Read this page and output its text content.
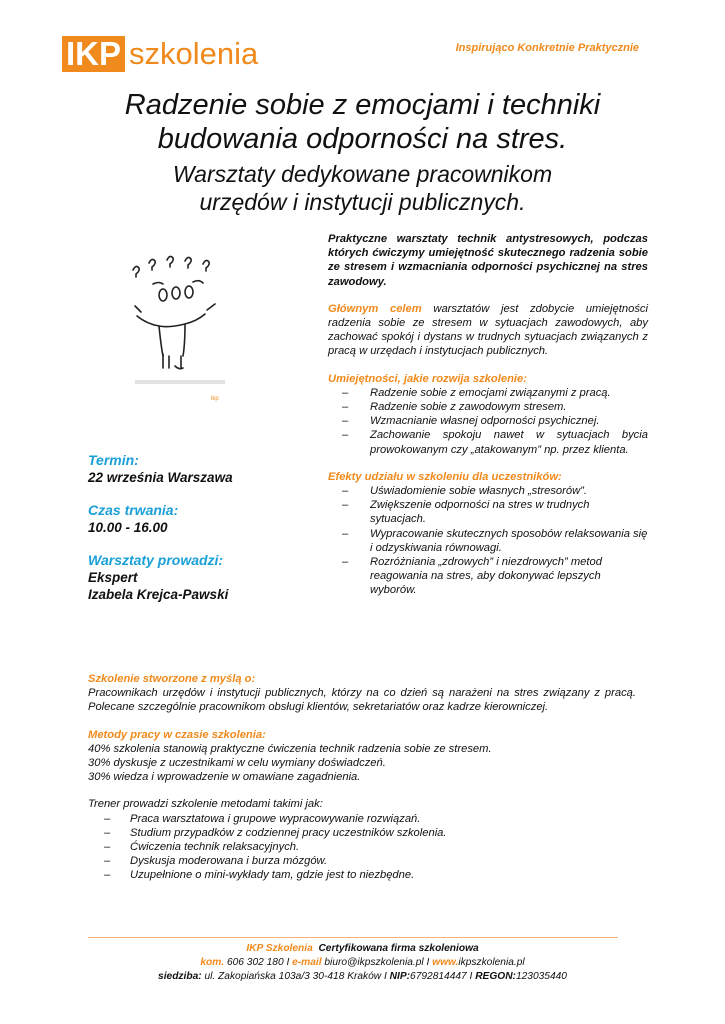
IKP szkolenia	Inspirująco Konkretnie Praktycznie
Radzenie sobie z emocjami i techniki
budowania odporności na stres.
Warsztaty dedykowane pracownikom
urzędów i instytucji publicznych.
ikp
Termin:
22 września Warszawa
Czas trwania:
10.00 - 16.00
Warsztaty prowadzi:
Ekspert
Izabela Krejca-Pawski

Praktyczne warsztaty technik antystresowych, podczas których ćwiczymy umiejętność skutecznego radzenia sobie ze stresem i wzmacniania odporności psychicznej na stres zawodowy.

Głównym celem warsztatów jest zdobycie umiejętności radzenia sobie ze stresem w sytuacjach zawodowych, aby zachować spokój i dystans w trudnych sytuacjach związanych z pracą w urzędach i instytucjach publicznych.

Umiejętności, jakie rozwija szkolenie:
– Radzenie sobie z emocjami związanymi z pracą.
– Radzenie sobie z zawodowym stresem.
– Wzmacnianie własnej odporności psychicznej.
– Zachowanie spokoju nawet w sytuacjach bycia prowokowanym czy „atakowanym” np. przez klienta.
Efekty udziału w szkoleniu dla uczestników:
– Uświadomienie sobie własnych „stresorów”.
– Zwiększenie odporności na stres w trudnych sytuacjach.
– Wypracowanie skutecznych sposobów relaksowania się i odzyskiwania równowagi.
– Rozróżniania „zdrowych” i niezdrowych” metod reagowania na stres, aby dokonywać lepszych wyborów.

Szkolenie stworzone z myślą o:
Pracownikach urzędów i instytucji publicznych, którzy na co dzień są narażeni na stres związany z pracą. Polecane szczególnie pracownikom obsługi klientów, sekretariatów oraz kadrze kierowniczej.

Metody pracy w czasie szkolenia:
40% szkolenia stanowią praktyczne ćwiczenia technik radzenia sobie ze stresem.
30% dyskusje z uczestnikami w celu wymiany doświadczeń.
30% wiedza i wprowadzenie w omawiane zagadnienia.

Trener prowadzi szkolenie metodami takimi jak:
– Praca warsztatowa i grupowe wypracowywanie rozwiązań.
– Studium przypadków z codziennej pracy uczestników szkolenia.
– Ćwiczenia technik relaksacyjnych.
– Dyskusja moderowana i burza mózgów.
– Uzupełnione o mini-wykłady tam, gdzie jest to niezbędne.
IKP Szkolenia Certyfikowana firma szkoleniowa
kom. 606 302 180 I e-mail biuro@ikpszkolenia.pl I www.ikpszkolenia.pl
siedziba: ul. Zakopiańska 103a/3 30-418 Kraków I NIP:6792814447 I REGON:123035440
